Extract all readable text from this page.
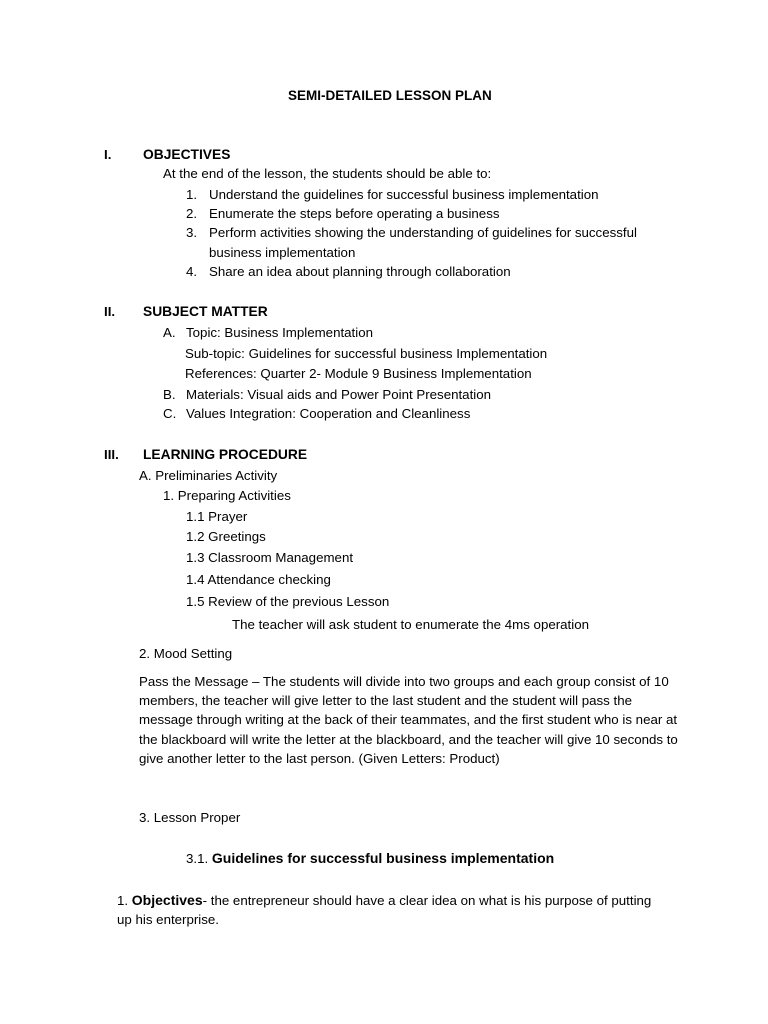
SEMI-DETAILED LESSON PLAN
I. OBJECTIVES
At the end of the lesson, the students should be able to:
1. Understand the guidelines for successful business implementation
2. Enumerate the steps before operating a business
3. Perform activities showing the understanding of guidelines for successful
business implementation
4. Share an idea about planning through collaboration
II. SUBJECT MATTER
A. Topic: Business Implementation
Sub-topic: Guidelines for successful business Implementation
References: Quarter 2- Module 9 Business Implementation
B. Materials: Visual aids and Power Point Presentation
C. Values Integration: Cooperation and Cleanliness
III. LEARNING PROCEDURE
A. Preliminaries Activity
1. Preparing Activities
1.1 Prayer
1.2 Greetings
1.3 Classroom Management
1.4 Attendance checking
1.5 Review of the previous Lesson
The teacher will ask student to enumerate the 4ms operation
2. Mood Setting
Pass the Message – The students will divide into two groups and each group consist of 10 members, the teacher will give letter to the last student and the student will pass the message through writing at the back of their teammates, and the first student who is near at the blackboard will write the letter at the blackboard, and the teacher will give 10 seconds to give another letter to the last person. (Given Letters: Product)
3. Lesson Proper
3.1. Guidelines for successful business implementation
1. Objectives- the entrepreneur should have a clear idea on what is his purpose of putting up his enterprise.
